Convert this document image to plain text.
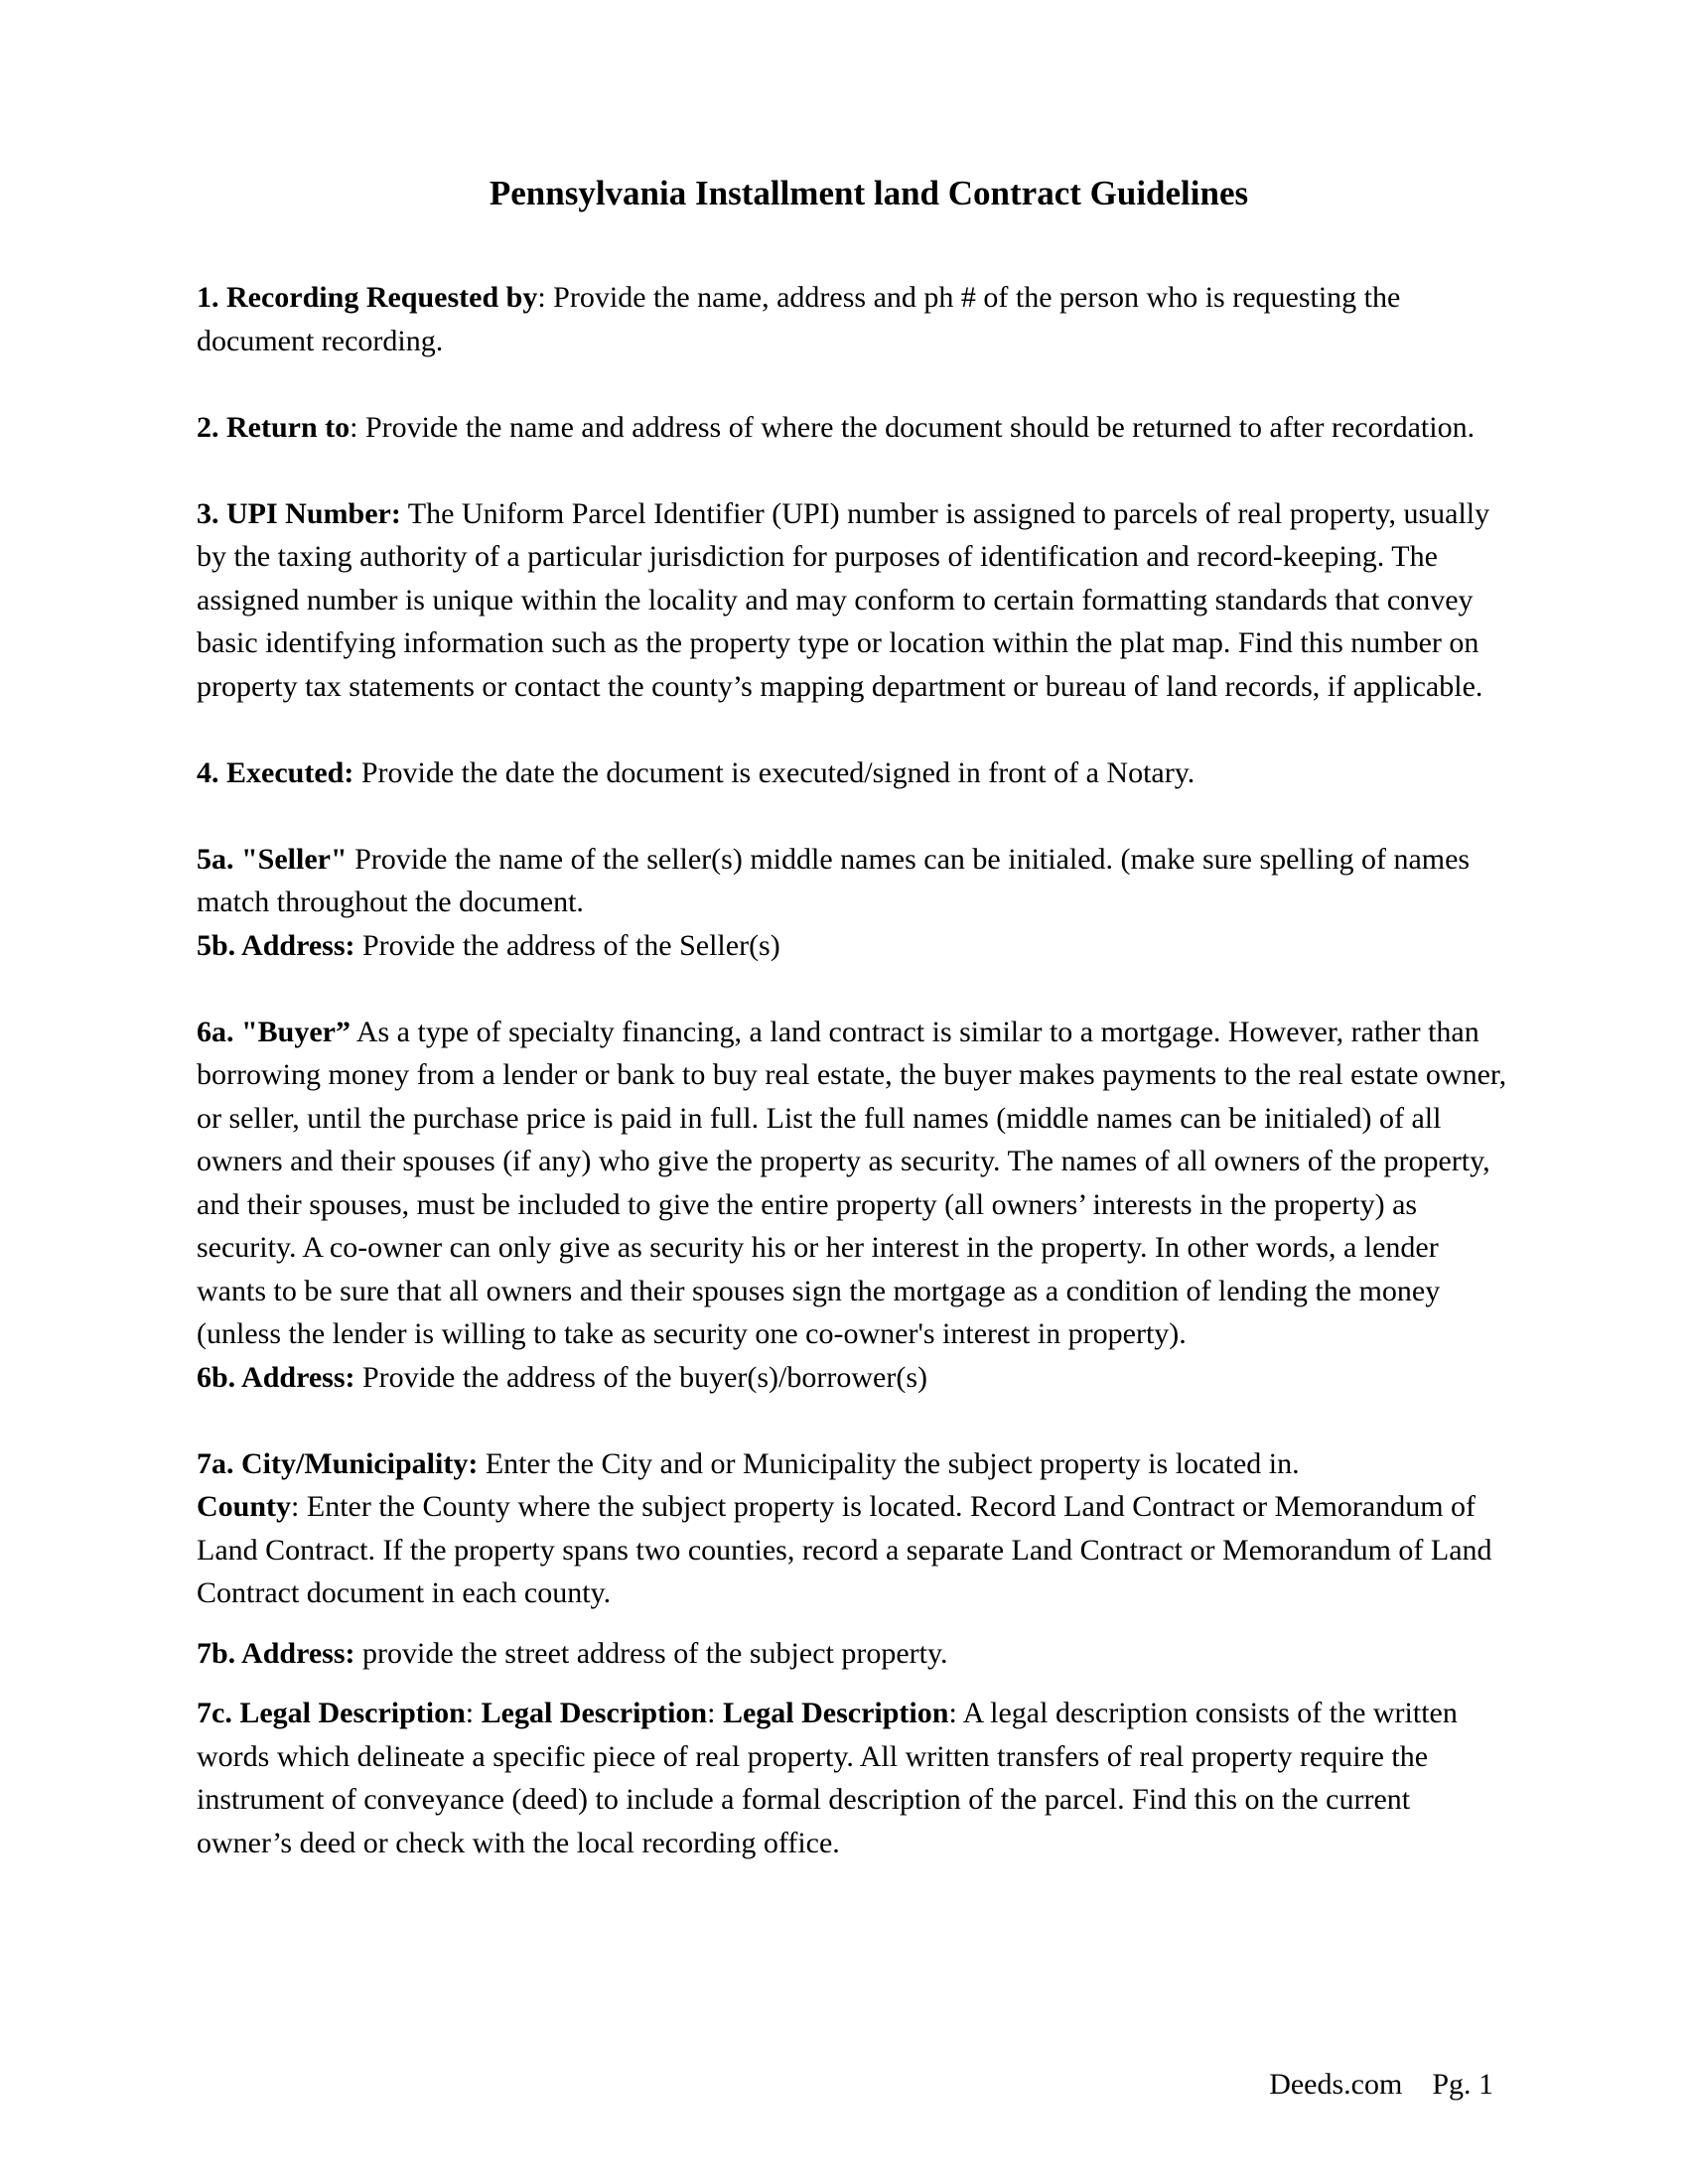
Pennsylvania Installment land Contract Guidelines

1. Recording Requested by: Provide the name, address and ph # of the person who is requesting the document recording.

2. Return to: Provide the name and address of where the document should be returned to after recordation.

3. UPI Number: The Uniform Parcel Identifier (UPI) number is assigned to parcels of real property, usually by the taxing authority of a particular jurisdiction for purposes of identification and record-keeping. The assigned number is unique within the locality and may conform to certain formatting standards that convey basic identifying information such as the property type or location within the plat map. Find this number on property tax statements or contact the county’s mapping department or bureau of land records, if applicable.

4. Executed: Provide the date the document is executed/signed in front of a Notary.

5a. "Seller" Provide the name of the seller(s) middle names can be initialed. (make sure spelling of names match throughout the document.

5b. Address: Provide the address of the Seller(s)

6a. "Buyer” As a type of specialty financing, a land contract is similar to a mortgage. However, rather than borrowing money from a lender or bank to buy real estate, the buyer makes payments to the real estate owner, or seller, until the purchase price is paid in full. List the full names (middle names can be initialed) of all owners and their spouses (if any) who give the property as security. The names of all owners of the property, and their spouses, must be included to give the entire property (all owners’ interests in the property) as security. A co-owner can only give as security his or her interest in the property. In other words, a lender wants to be sure that all owners and their spouses sign the mortgage as a condition of lending the money (unless the lender is willing to take as security one co-owner's interest in property).

6b. Address: Provide the address of the buyer(s)/borrower(s)

7a. City/Municipality: Enter the City and or Municipality the subject property is located in.
County: Enter the County where the subject property is located. Record Land Contract or Memorandum of Land Contract. If the property spans two counties, record a separate Land Contract or Memorandum of Land Contract document in each county.

7b. Address: provide the street address of the subject property.

7c. Legal Description: Legal Description: Legal Description: A legal description consists of the written words which delineate a specific piece of real property. All written transfers of real property require the instrument of conveyance (deed) to include a formal description of the parcel. Find this on the current owner’s deed or check with the local recording office.

Deeds.com Pg. 1
